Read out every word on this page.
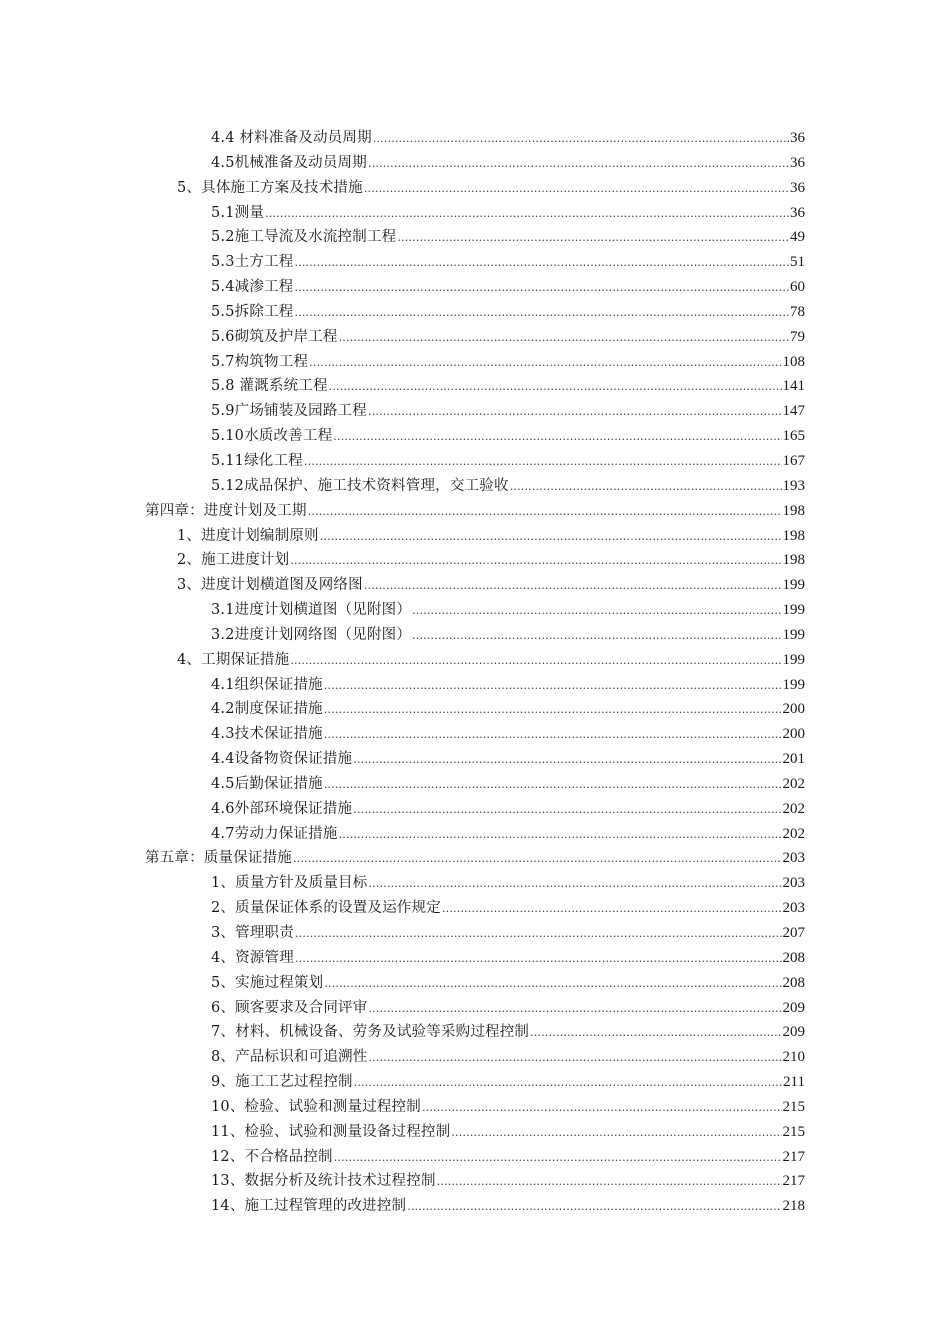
4.4 材料准备及动员周期 .....	36
4.5机械准备及动员周期 .....	36
5、具体施工方案及技术措施 .....	36
5.1测量 .....	36
5.2施工导流及水流控制工程 .....	49
5.3土方工程 .....	51
5.4减渗工程 .....	60
5.5拆除工程 .....	78
5.6砌筑及护岸工程 .....	79
5.7构筑物工程 .....	108
5.8 灌溉系统工程 .....	141
5.9广场铺装及园路工程 .....	147
5.10水质改善工程 .....	165
5.11绿化工程 .....	167
5.12成品保护、施工技术资料管理，交工验收 .....	193
第四章：进度计划及工期 .....	198
1、进度计划编制原则 .....	198
2、施工进度计划 .....	198
3、进度计划横道图及网络图 .....	199
3.1进度计划横道图（见附图） .....	199
3.2进度计划网络图（见附图） .....	199
4、工期保证措施 .....	199
4.1组织保证措施 .....	199
4.2制度保证措施 .....	200
4.3技术保证措施 .....	200
4.4设备物资保证措施 .....	201
4.5后勤保证措施 .....	202
4.6外部环境保证措施 .....	202
4.7劳动力保证措施 .....	202
第五章：质量保证措施 .....	203
1、质量方针及质量目标 .....	203
2、质量保证体系的设置及运作规定 .....	203
3、管理职责 .....	207
4、资源管理 .....	208
5、实施过程策划 .....	208
6、顾客要求及合同评审 .....	209
7、材料、机械设备、劳务及试验等采购过程控制 .....	209
8、产品标识和可追溯性 .....	210
9、施工工艺过程控制 .....	211
10、检验、试验和测量过程控制 .....	215
11、检验、试验和测量设备过程控制 .....	215
12、不合格品控制 .....	217
13、数据分析及统计技术过程控制 .....	217
14、施工过程管理的改进控制 .....	218
